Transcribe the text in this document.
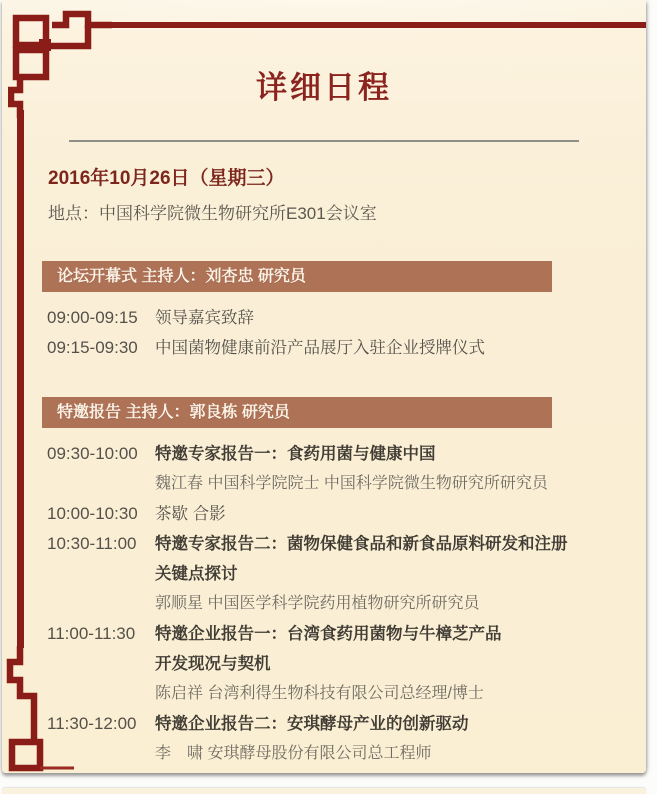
详细日程
2016年10月26日（星期三）
地点：中国科学院微生物研究所E301会议室
论坛开幕式 主持人：刘杏忠 研究员
09:00-09:15	领导嘉宾致辞
09:15-09:30	中国菌物健康前沿产品展厅入驻企业授牌仪式
特邀报告 主持人：郭良栋 研究员
09:30-10:00	特邀专家报告一：食药用菌与健康中国
魏江春 中国科学院院士 中国科学院微生物研究所研究员
10:00-10:30	茶歇 合影
10:30-11:00	特邀专家报告二：菌物保健食品和新食品原料研发和注册
关键点探讨
郭顺星 中国医学科学院药用植物研究所研究员
11:00-11:30	特邀企业报告一：台湾食药用菌物与牛樟芝产品
开发现况与契机
陈启祥 台湾利得生物科技有限公司总经理/博士
11:30-12:00	特邀企业报告二：安琪酵母产业的创新驱动
李　啸 安琪酵母股份有限公司总工程师
